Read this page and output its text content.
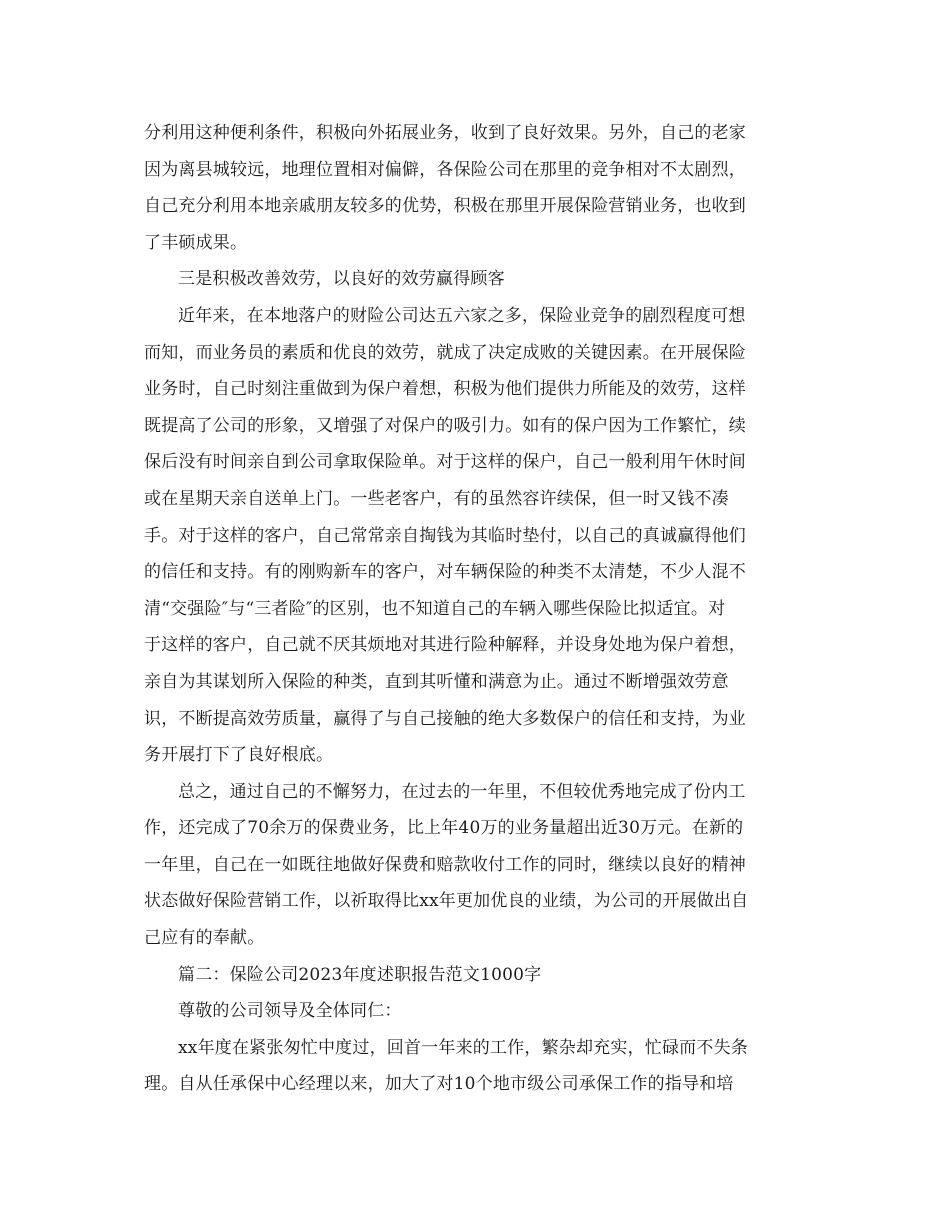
分利用这种便利条件，积极向外拓展业务，收到了良好效果。另外，自己的老家
因为离县城较远，地理位置相对偏僻，各保险公司在那里的竞争相对不太剧烈，
自己充分利用本地亲戚朋友较多的优势，积极在那里开展保险营销业务，也收到
了丰硕成果。
三是积极改善效劳，以良好的效劳赢得顾客
近年来，在本地落户的财险公司达五六家之多，保险业竞争的剧烈程度可想
而知，而业务员的素质和优良的效劳，就成了决定成败的关键因素。在开展保险
业务时，自己时刻注重做到为保户着想，积极为他们提供力所能及的效劳，这样
既提高了公司的形象，又增强了对保户的吸引力。如有的保户因为工作繁忙，续
保后没有时间亲自到公司拿取保险单。对于这样的保户，自己一般利用午休时间
或在星期天亲自送单上门。一些老客户，有的虽然容许续保，但一时又钱不凑
手。对于这样的客户，自己常常亲自掏钱为其临时垫付，以自己的真诚赢得他们
的信任和支持。有的刚购新车的客户，对车辆保险的种类不太清楚，不少人混不
清“交强险″与“三者险″的区别，也不知道自己的车辆入哪些保险比拟适宜。对
于这样的客户，自己就不厌其烦地对其进行险种解释，并设身处地为保户着想，
亲自为其谋划所入保险的种类，直到其听懂和满意为止。通过不断增强效劳意
识，不断提高效劳质量，赢得了与自己接触的绝大多数保户的信任和支持，为业
务开展打下了良好根底。
总之，通过自己的不懈努力，在过去的一年里，不但较优秀地完成了份内工
作，还完成了70余万的保费业务，比上年40万的业务量超出近30万元。在新的
一年里，自己在一如既往地做好保费和赔款收付工作的同时，继续以良好的精神
状态做好保险营销工作，以祈取得比xx年更加优良的业绩，为公司的开展做出自
己应有的奉献。
篇二：保险公司2023年度述职报告范文1000字
尊敬的公司领导及全体同仁：
xx年度在紧张匆忙中度过，回首一年来的工作，繁杂却充实，忙碌而不失条
理。自从任承保中心经理以来，加大了对10个地市级公司承保工作的指导和培
